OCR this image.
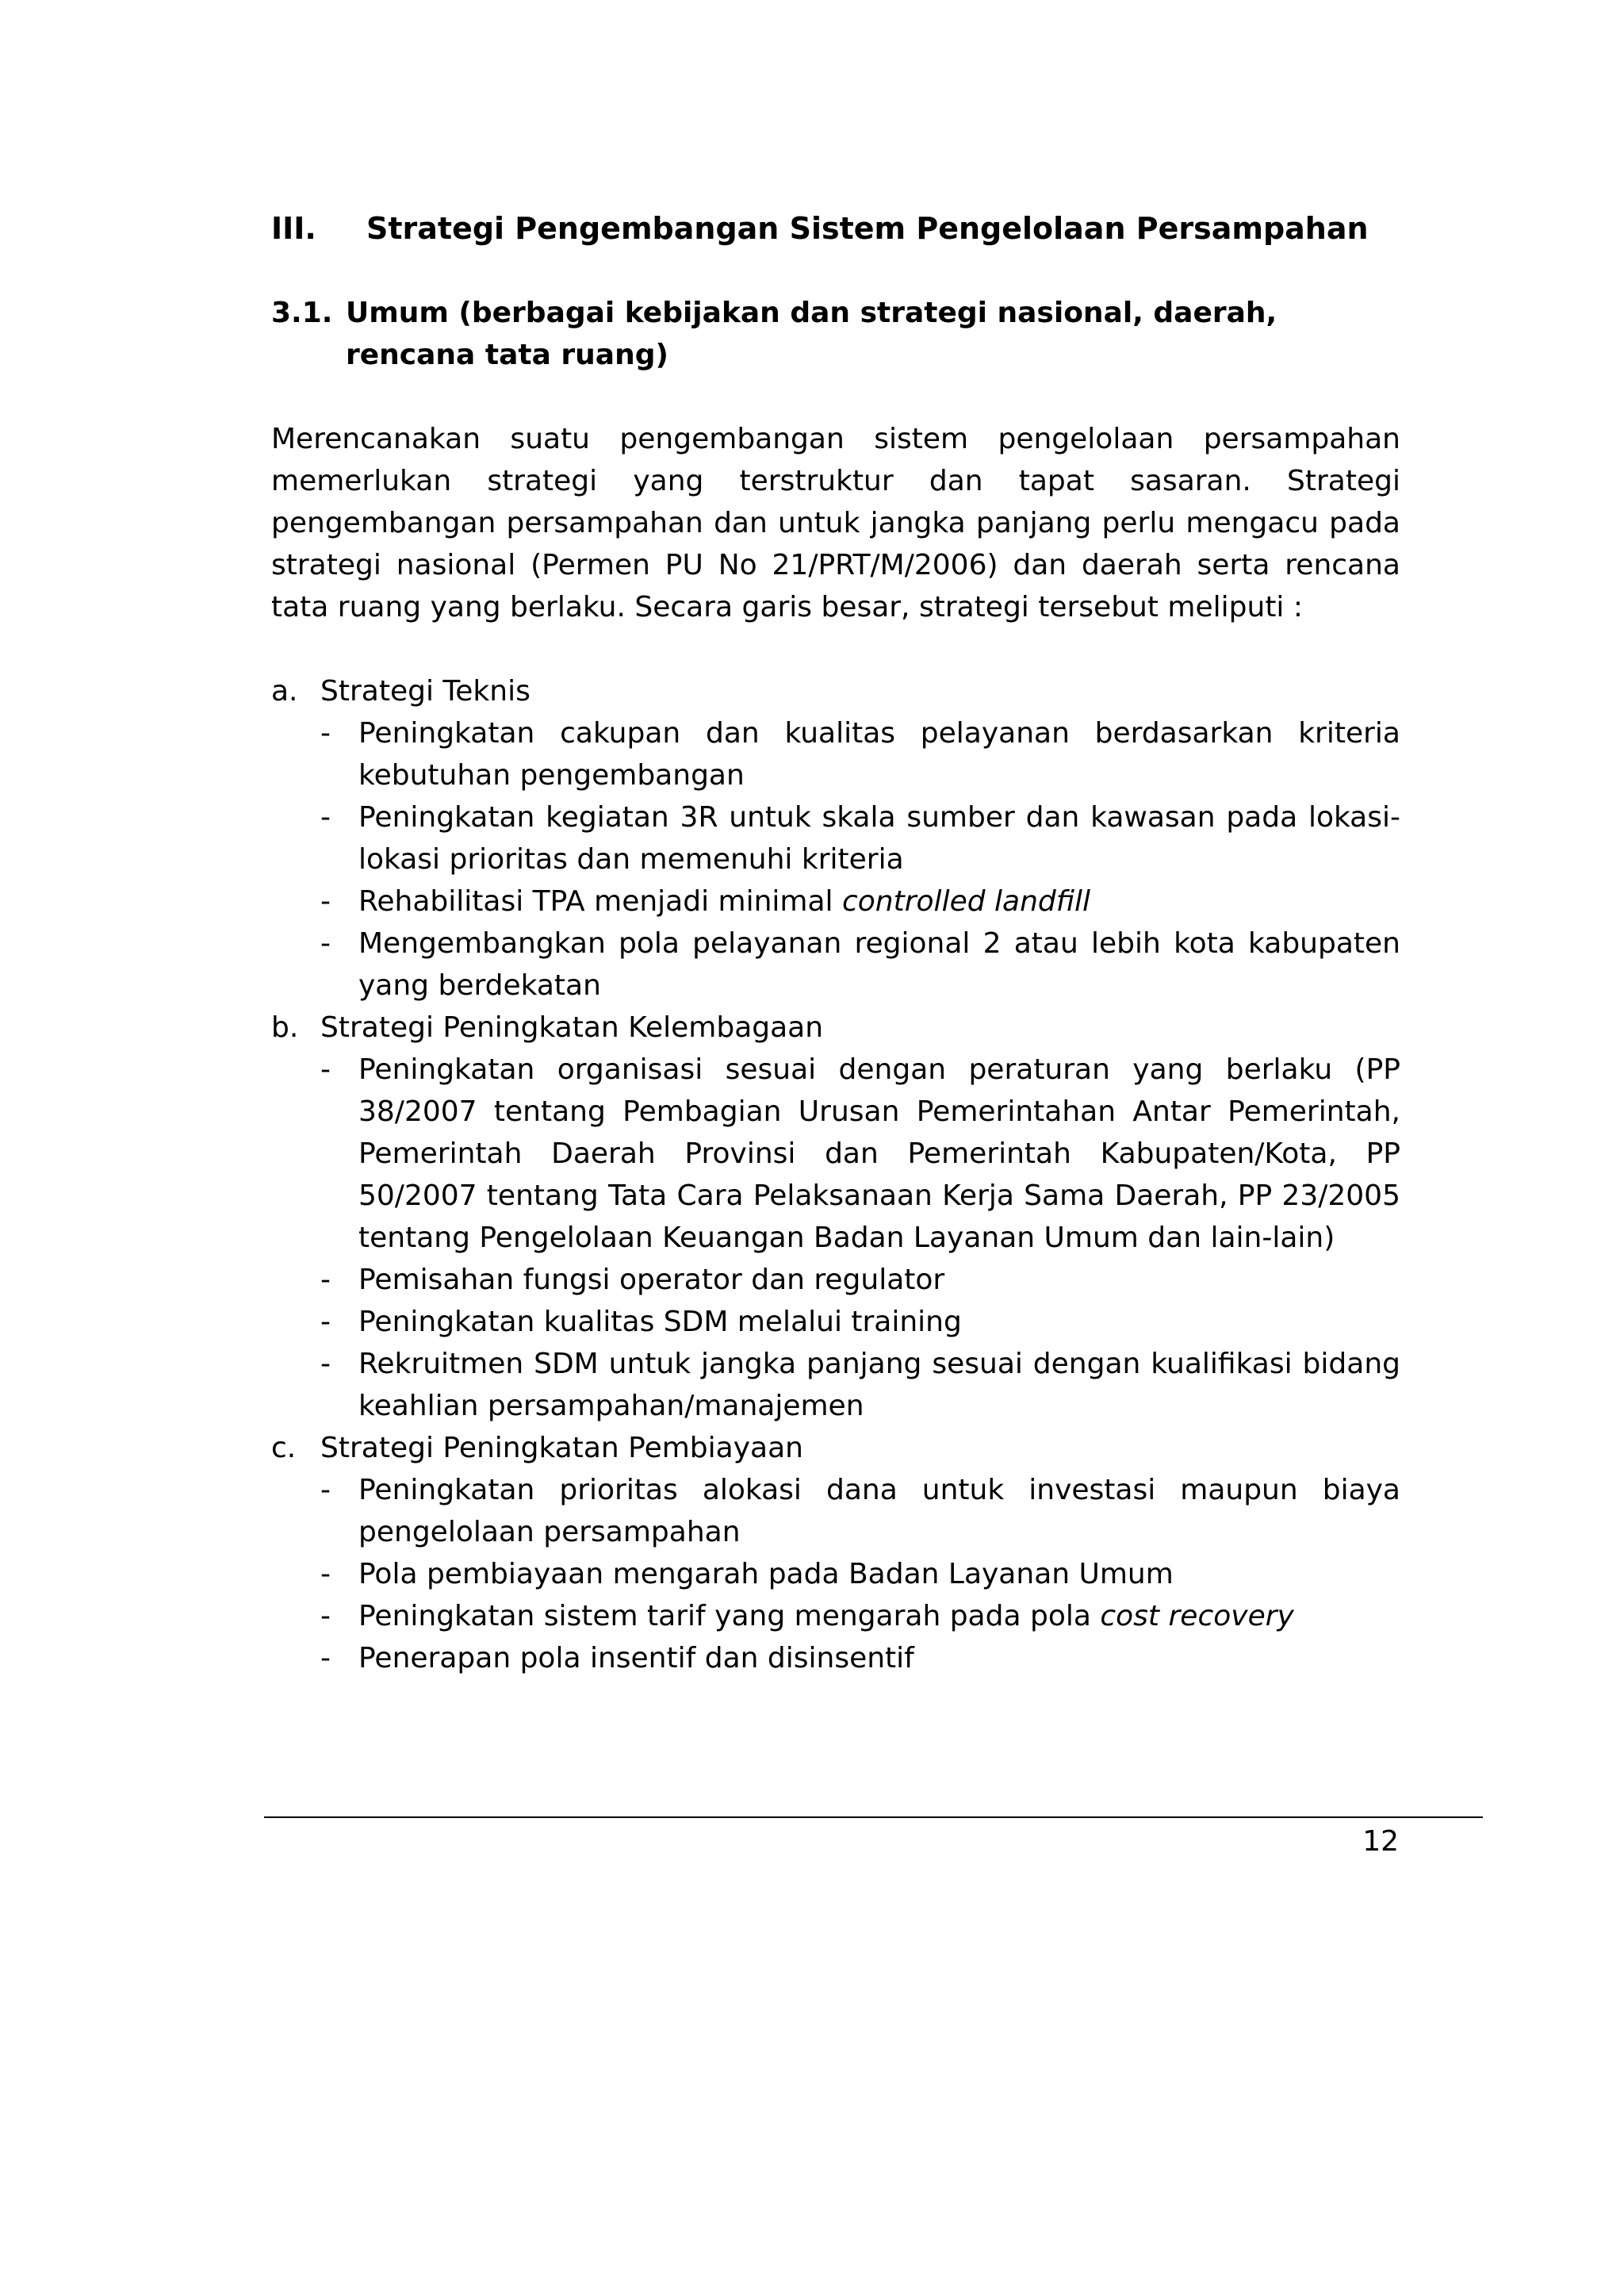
III.	Strategi Pengembangan Sistem Pengelolaan Persampahan
3.1. Umum (berbagai kebijakan dan strategi nasional, daerah, rencana tata ruang)

Merencanakan suatu pengembangan sistem pengelolaan persampahan memerlukan strategi yang terstruktur dan tapat sasaran. Strategi pengembangan persampahan dan untuk jangka panjang perlu mengacu pada strategi nasional (Permen PU No 21/PRT/M/2006) dan daerah serta rencana tata ruang yang berlaku. Secara garis besar, strategi tersebut meliputi :

a. Strategi Teknis
- Peningkatan cakupan dan kualitas pelayanan berdasarkan kriteria kebutuhan pengembangan
- Peningkatan kegiatan 3R untuk skala sumber dan kawasan pada lokasi-lokasi prioritas dan memenuhi kriteria
- Rehabilitasi TPA menjadi minimal controlled landfill
- Mengembangkan pola pelayanan regional 2 atau lebih kota kabupaten yang berdekatan
b. Strategi Peningkatan Kelembagaan
- Peningkatan organisasi sesuai dengan peraturan yang berlaku (PP 38/2007 tentang Pembagian Urusan Pemerintahan Antar Pemerintah, Pemerintah Daerah Provinsi dan Pemerintah Kabupaten/Kota, PP 50/2007 tentang Tata Cara Pelaksanaan Kerja Sama Daerah, PP 23/2005 tentang Pengelolaan Keuangan Badan Layanan Umum dan lain-lain)
- Pemisahan fungsi operator dan regulator
- Peningkatan kualitas SDM melalui training
- Rekruitmen SDM untuk jangka panjang sesuai dengan kualifikasi bidang keahlian persampahan/manajemen
c. Strategi Peningkatan Pembiayaan
- Peningkatan prioritas alokasi dana untuk investasi maupun biaya pengelolaan persampahan
- Pola pembiayaan mengarah pada Badan Layanan Umum
- Peningkatan sistem tarif yang mengarah pada pola cost recovery
- Penerapan pola insentif dan disinsentif
12
